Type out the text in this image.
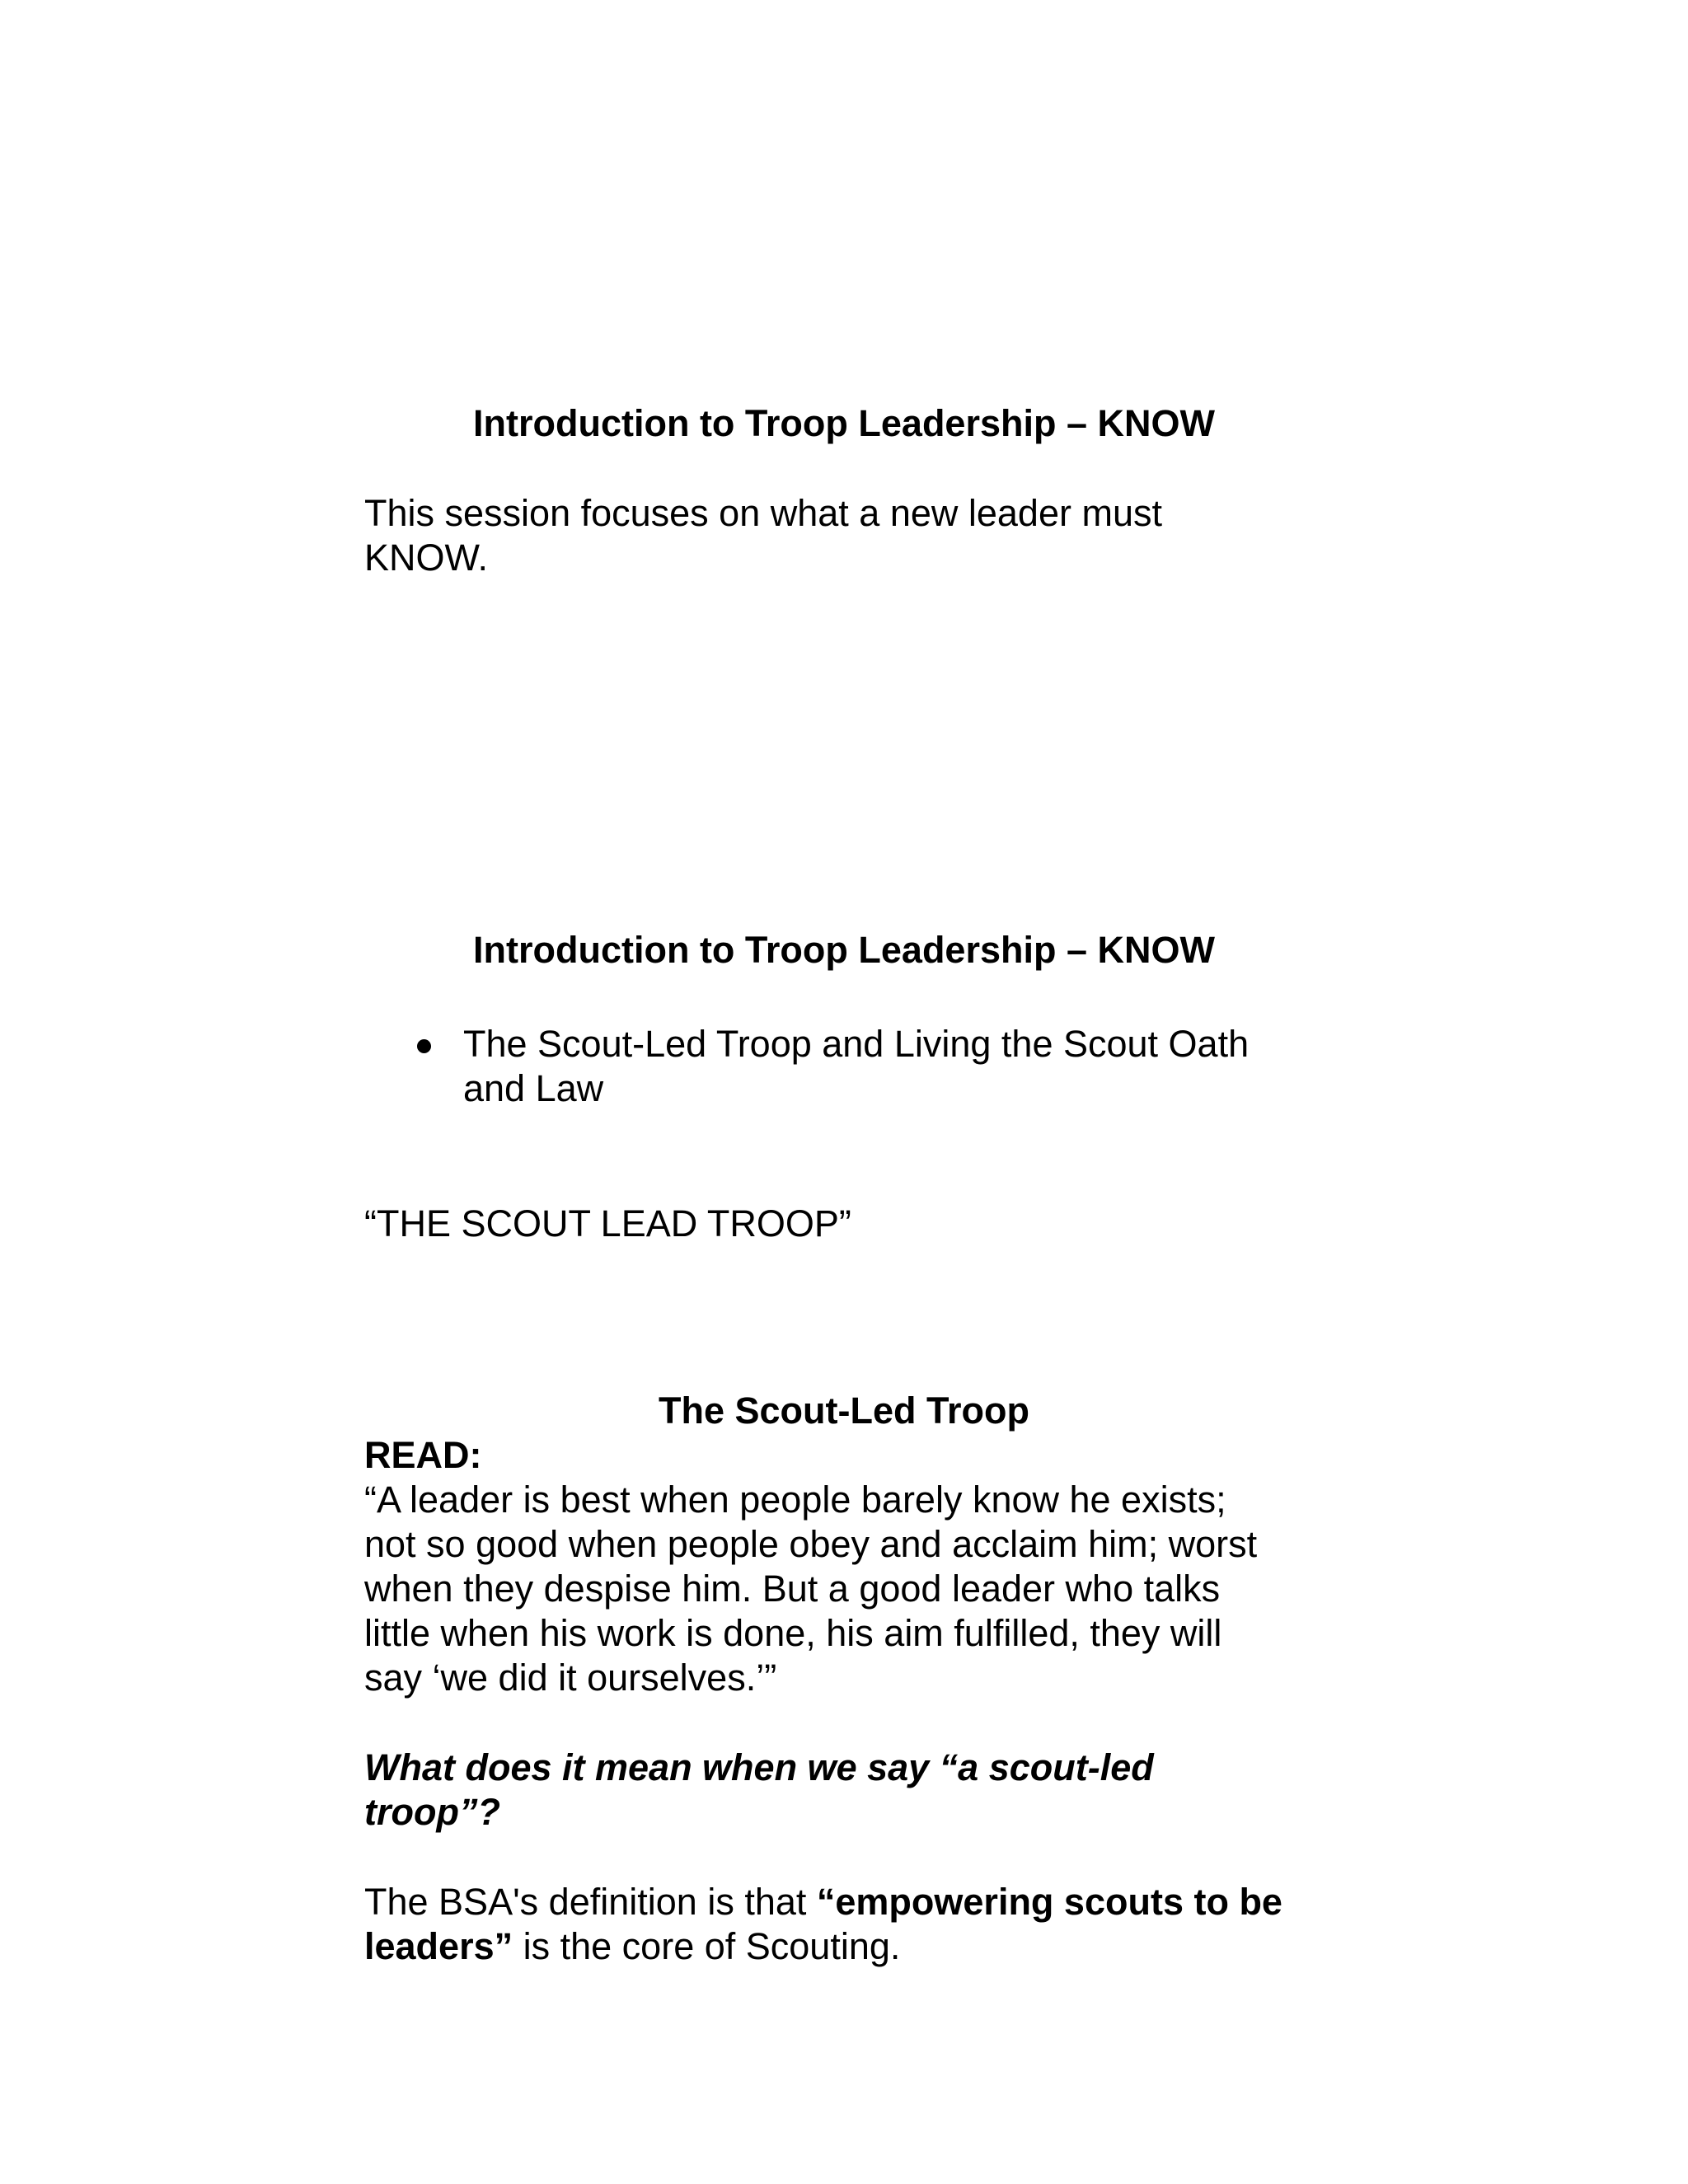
Introduction to Troop Leadership – KNOW
This session focuses on what a new leader must
KNOW.
Introduction to Troop Leadership – KNOW
The Scout-Led Troop and Living the Scout Oath
and Law
“THE SCOUT LEAD TROOP”
The Scout-Led Troop
READ:
“A leader is best when people barely know he exists;
not so good when people obey and acclaim him; worst
when they despise him. But a good leader who talks
little when his work is done, his aim fulfilled, they will
say ‘we did it ourselves.’”
What does it mean when we say “a scout-led
troop”?
The BSA's definition is that “empowering scouts to be
leaders” is the core of Scouting.
